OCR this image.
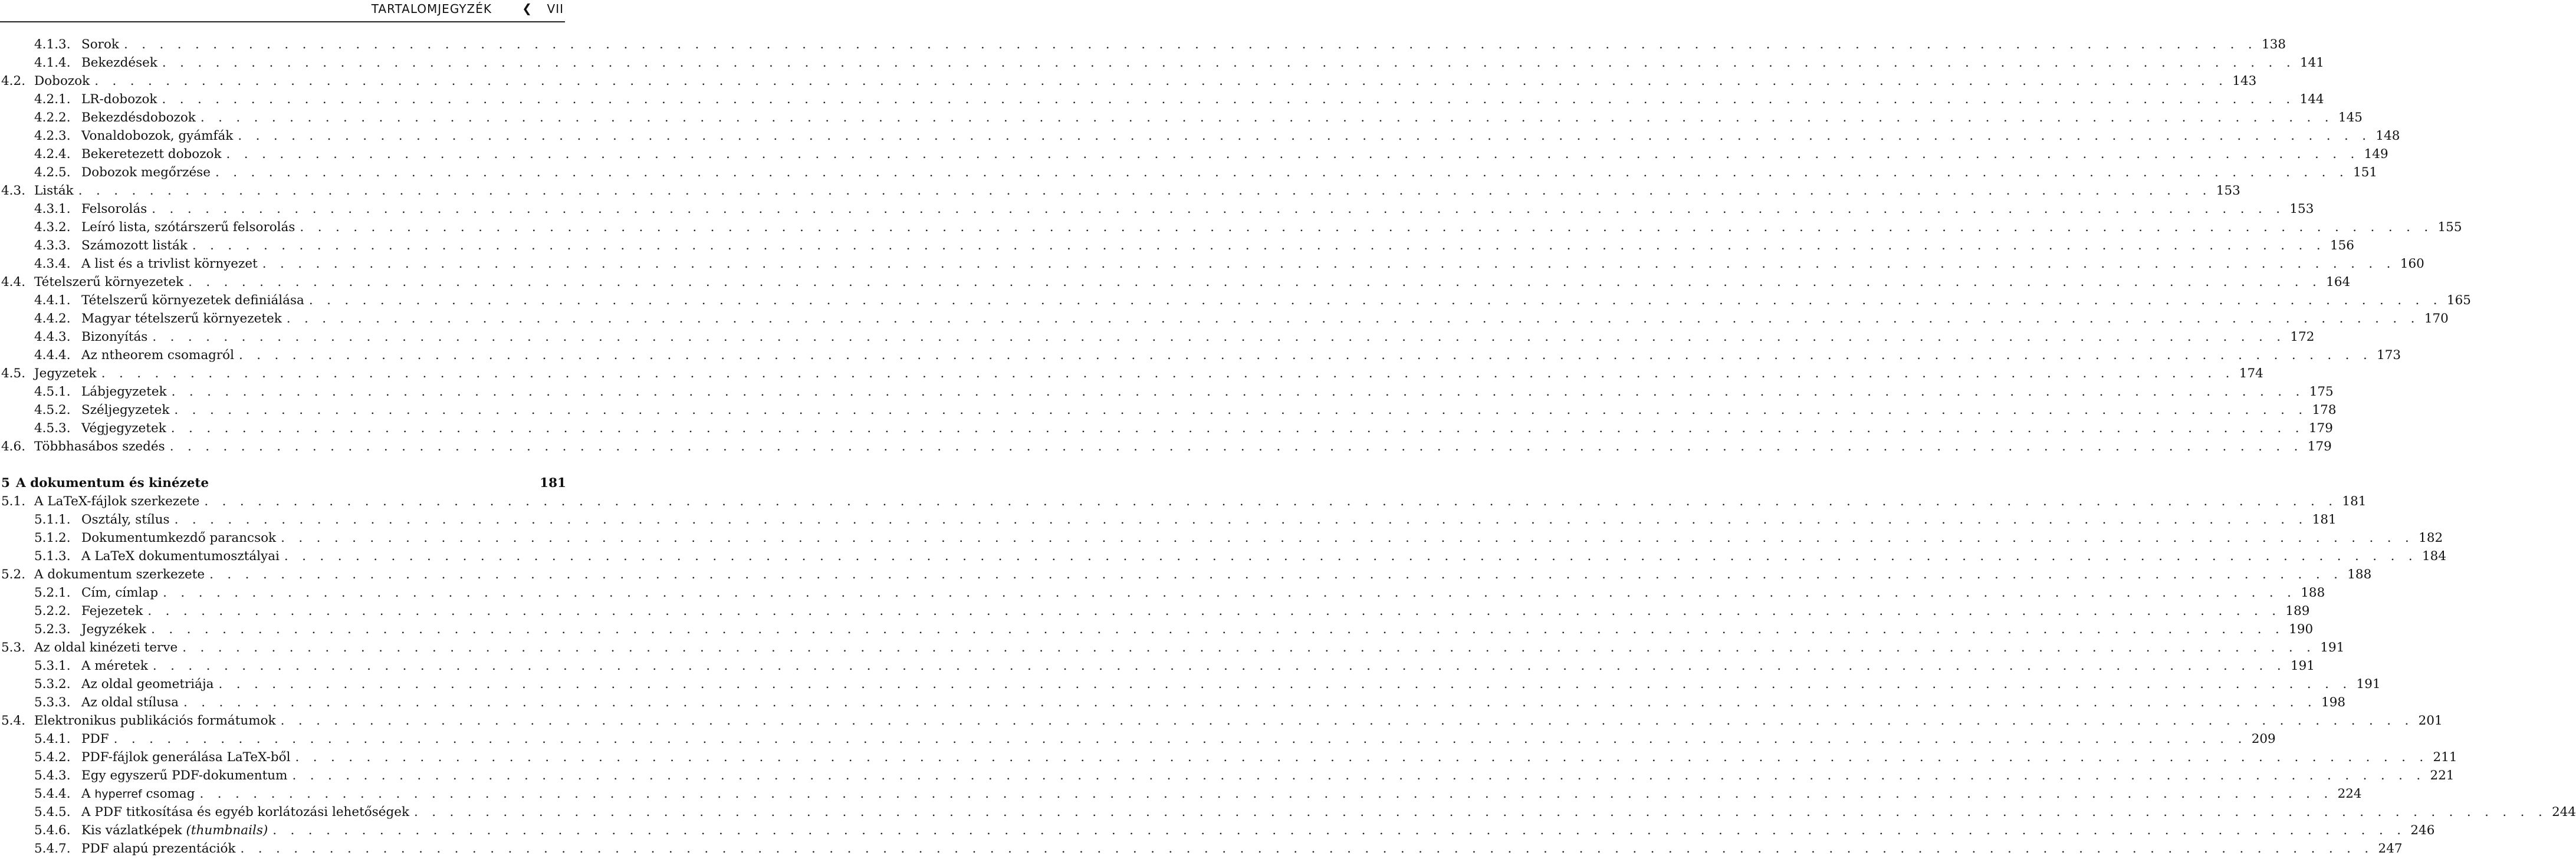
TARTALOMJEGYZÉK	❮ VII
4.1.3. Sorok . . . . . . . . . . . . . . . . . . . . . . . . . . . . . . . . . . . . . . . . . . . . . . . . . . . . . . . . . . . . . . . . . . . . . . . . . . . . . . . . . . . . . . . . . . . . . . . . . . . . . . . . . . . . . . . . . . . . . . . . 138
4.1.4. Bekezdések . . . . . . . . . . . . . . . . . . . . . . . . . . . . . . . . . . . . . . . . . . . . . . . . . . . . . . . . . . . . . . . . . . . . . . . . . . . . . . . . . . . . . . . . . . . . . . . . . . . . . . . . . . . . . . . . . . . . . . . . 141
4.2. Dobozok . . . . . . . . . . . . . . . . . . . . . . . . . . . . . . . . . . . . . . . . . . . . . . . . . . . . . . . . . . . . . . . . . . . . . . . . . . . . . . . . . . . . . . . . . . . . . . . . . . . . . . . . . . . . . . . . . . . . . . . . 143
4.2.1. LR-dobozok . . . . . . . . . . . . . . . . . . . . . . . . . . . . . . . . . . . . . . . . . . . . . . . . . . . . . . . . . . . . . . . . . . . . . . . . . . . . . . . . . . . . . . . . . . . . . . . . . . . . . . . . . . . . . . . . . . . . . . . . 144
4.2.2. Bekezdésdobozok . . . . . . . . . . . . . . . . . . . . . . . . . . . . . . . . . . . . . . . . . . . . . . . . . . . . . . . . . . . . . . . . . . . . . . . . . . . . . . . . . . . . . . . . . . . . . . . . . . . . . . . . . . . . . . . . . . . . . . . . 145
4.2.3. Vonaldobozok, gyámfák . . . . . . . . . . . . . . . . . . . . . . . . . . . . . . . . . . . . . . . . . . . . . . . . . . . . . . . . . . . . . . . . . . . . . . . . . . . . . . . . . . . . . . . . . . . . . . . . . . . . . . . . . . . . . . . . . . . . . . . . 148
4.2.4. Bekeretezett dobozok . . . . . . . . . . . . . . . . . . . . . . . . . . . . . . . . . . . . . . . . . . . . . . . . . . . . . . . . . . . . . . . . . . . . . . . . . . . . . . . . . . . . . . . . . . . . . . . . . . . . . . . . . . . . . . . . . . . . . . . . 149
4.2.5. Dobozok megőrzése . . . . . . . . . . . . . . . . . . . . . . . . . . . . . . . . . . . . . . . . . . . . . . . . . . . . . . . . . . . . . . . . . . . . . . . . . . . . . . . . . . . . . . . . . . . . . . . . . . . . . . . . . . . . . . . . . . . . . . . . 151
4.3. Listák . . . . . . . . . . . . . . . . . . . . . . . . . . . . . . . . . . . . . . . . . . . . . . . . . . . . . . . . . . . . . . . . . . . . . . . . . . . . . . . . . . . . . . . . . . . . . . . . . . . . . . . . . . . . . . . . . . . . . . . . 153
4.3.1. Felsorolás . . . . . . . . . . . . . . . . . . . . . . . . . . . . . . . . . . . . . . . . . . . . . . . . . . . . . . . . . . . . . . . . . . . . . . . . . . . . . . . . . . . . . . . . . . . . . . . . . . . . . . . . . . . . . . . . . . . . . . . . 153
4.3.2. Leíró lista, szótárszerű felsorolás . . . . . . . . . . . . . . . . . . . . . . . . . . . . . . . . . . . . . . . . . . . . . . . . . . . . . . . . . . . . . . . . . . . . . . . . . . . . . . . . . . . . . . . . . . . . . . . . . . . . . . . . . . . . . . . . . . . . . . . . 155
4.3.3. Számozott listák . . . . . . . . . . . . . . . . . . . . . . . . . . . . . . . . . . . . . . . . . . . . . . . . . . . . . . . . . . . . . . . . . . . . . . . . . . . . . . . . . . . . . . . . . . . . . . . . . . . . . . . . . . . . . . . . . . . . . . . . 156
4.3.4. A list és a trivlist környezet . . . . . . . . . . . . . . . . . . . . . . . . . . . . . . . . . . . . . . . . . . . . . . . . . . . . . . . . . . . . . . . . . . . . . . . . . . . . . . . . . . . . . . . . . . . . . . . . . . . . . . . . . . . . . . . . . . . . . . . . 160
4.4. Tételszerű környezetek . . . . . . . . . . . . . . . . . . . . . . . . . . . . . . . . . . . . . . . . . . . . . . . . . . . . . . . . . . . . . . . . . . . . . . . . . . . . . . . . . . . . . . . . . . . . . . . . . . . . . . . . . . . . . . . . . . . . . . . . 164
4.4.1. Tételszerű környezetek definiálása . . . . . . . . . . . . . . . . . . . . . . . . . . . . . . . . . . . . . . . . . . . . . . . . . . . . . . . . . . . . . . . . . . . . . . . . . . . . . . . . . . . . . . . . . . . . . . . . . . . . . . . . . . . . . . . . . . . . . . . . 165
4.4.2. Magyar tételszerű környezetek . . . . . . . . . . . . . . . . . . . . . . . . . . . . . . . . . . . . . . . . . . . . . . . . . . . . . . . . . . . . . . . . . . . . . . . . . . . . . . . . . . . . . . . . . . . . . . . . . . . . . . . . . . . . . . . . . . . . . . . . 170
4.4.3. Bizonyítás . . . . . . . . . . . . . . . . . . . . . . . . . . . . . . . . . . . . . . . . . . . . . . . . . . . . . . . . . . . . . . . . . . . . . . . . . . . . . . . . . . . . . . . . . . . . . . . . . . . . . . . . . . . . . . . . . . . . . . . . 172
4.4.4. Az ntheorem csomagról . . . . . . . . . . . . . . . . . . . . . . . . . . . . . . . . . . . . . . . . . . . . . . . . . . . . . . . . . . . . . . . . . . . . . . . . . . . . . . . . . . . . . . . . . . . . . . . . . . . . . . . . . . . . . . . . . . . . . . . . 173
4.5. Jegyzetek . . . . . . . . . . . . . . . . . . . . . . . . . . . . . . . . . . . . . . . . . . . . . . . . . . . . . . . . . . . . . . . . . . . . . . . . . . . . . . . . . . . . . . . . . . . . . . . . . . . . . . . . . . . . . . . . . . . . . . . . 174
4.5.1. Lábjegyzetek . . . . . . . . . . . . . . . . . . . . . . . . . . . . . . . . . . . . . . . . . . . . . . . . . . . . . . . . . . . . . . . . . . . . . . . . . . . . . . . . . . . . . . . . . . . . . . . . . . . . . . . . . . . . . . . . . . . . . . . . 175
4.5.2. Széljegyzetek . . . . . . . . . . . . . . . . . . . . . . . . . . . . . . . . . . . . . . . . . . . . . . . . . . . . . . . . . . . . . . . . . . . . . . . . . . . . . . . . . . . . . . . . . . . . . . . . . . . . . . . . . . . . . . . . . . . . . . . . 178
4.5.3. Végjegyzetek . . . . . . . . . . . . . . . . . . . . . . . . . . . . . . . . . . . . . . . . . . . . . . . . . . . . . . . . . . . . . . . . . . . . . . . . . . . . . . . . . . . . . . . . . . . . . . . . . . . . . . . . . . . . . . . . . . . . . . . . 179
4.6. Többhasábos szedés . . . . . . . . . . . . . . . . . . . . . . . . . . . . . . . . . . . . . . . . . . . . . . . . . . . . . . . . . . . . . . . . . . . . . . . . . . . . . . . . . . . . . . . . . . . . . . . . . . . . . . . . . . . . . . . . . . . . . . . . 179
5 A dokumentum és kinézete	181
5.1. A LaTeX-fájlok szerkezete . . . . . . . . . . . . . . . . . . . . . . . . . . . . . . . . . . . . . . . . . . . . . . . . . . . . . . . . . . . . . . . . . . . . . . . . . . . . . . . . . . . . . . . . . . . . . . . . . . . . . . . . . . . . . . . . . . . . . . . . 181
5.1.1. Osztály, stílus . . . . . . . . . . . . . . . . . . . . . . . . . . . . . . . . . . . . . . . . . . . . . . . . . . . . . . . . . . . . . . . . . . . . . . . . . . . . . . . . . . . . . . . . . . . . . . . . . . . . . . . . . . . . . . . . . . . . . . . . 181
5.1.2. Dokumentumkezdő parancsok . . . . . . . . . . . . . . . . . . . . . . . . . . . . . . . . . . . . . . . . . . . . . . . . . . . . . . . . . . . . . . . . . . . . . . . . . . . . . . . . . . . . . . . . . . . . . . . . . . . . . . . . . . . . . . . . . . . . . . . . 182
5.1.3. A LaTeX dokumentumosztályai . . . . . . . . . . . . . . . . . . . . . . . . . . . . . . . . . . . . . . . . . . . . . . . . . . . . . . . . . . . . . . . . . . . . . . . . . . . . . . . . . . . . . . . . . . . . . . . . . . . . . . . . . . . . . . . . . . . . . . . . 184
5.2. A dokumentum szerkezete . . . . . . . . . . . . . . . . . . . . . . . . . . . . . . . . . . . . . . . . . . . . . . . . . . . . . . . . . . . . . . . . . . . . . . . . . . . . . . . . . . . . . . . . . . . . . . . . . . . . . . . . . . . . . . . . . . . . . . . . 188
5.2.1. Cím, címlap . . . . . . . . . . . . . . . . . . . . . . . . . . . . . . . . . . . . . . . . . . . . . . . . . . . . . . . . . . . . . . . . . . . . . . . . . . . . . . . . . . . . . . . . . . . . . . . . . . . . . . . . . . . . . . . . . . . . . . . . 188
5.2.2. Fejezetek . . . . . . . . . . . . . . . . . . . . . . . . . . . . . . . . . . . . . . . . . . . . . . . . . . . . . . . . . . . . . . . . . . . . . . . . . . . . . . . . . . . . . . . . . . . . . . . . . . . . . . . . . . . . . . . . . . . . . . . . 189
5.2.3. Jegyzékek . . . . . . . . . . . . . . . . . . . . . . . . . . . . . . . . . . . . . . . . . . . . . . . . . . . . . . . . . . . . . . . . . . . . . . . . . . . . . . . . . . . . . . . . . . . . . . . . . . . . . . . . . . . . . . . . . . . . . . . . 190
5.3. Az oldal kinézeti terve . . . . . . . . . . . . . . . . . . . . . . . . . . . . . . . . . . . . . . . . . . . . . . . . . . . . . . . . . . . . . . . . . . . . . . . . . . . . . . . . . . . . . . . . . . . . . . . . . . . . . . . . . . . . . . . . . . . . . . . . 191
5.3.1. A méretek . . . . . . . . . . . . . . . . . . . . . . . . . . . . . . . . . . . . . . . . . . . . . . . . . . . . . . . . . . . . . . . . . . . . . . . . . . . . . . . . . . . . . . . . . . . . . . . . . . . . . . . . . . . . . . . . . . . . . . . . 191
5.3.2. Az oldal geometriája . . . . . . . . . . . . . . . . . . . . . . . . . . . . . . . . . . . . . . . . . . . . . . . . . . . . . . . . . . . . . . . . . . . . . . . . . . . . . . . . . . . . . . . . . . . . . . . . . . . . . . . . . . . . . . . . . . . . . . . . 191
5.3.3. Az oldal stílusa . . . . . . . . . . . . . . . . . . . . . . . . . . . . . . . . . . . . . . . . . . . . . . . . . . . . . . . . . . . . . . . . . . . . . . . . . . . . . . . . . . . . . . . . . . . . . . . . . . . . . . . . . . . . . . . . . . . . . . . . 198
5.4. Elektronikus publikációs formátumok . . . . . . . . . . . . . . . . . . . . . . . . . . . . . . . . . . . . . . . . . . . . . . . . . . . . . . . . . . . . . . . . . . . . . . . . . . . . . . . . . . . . . . . . . . . . . . . . . . . . . . . . . . . . . . . . . . . . . . . . 201
5.4.1. PDF . . . . . . . . . . . . . . . . . . . . . . . . . . . . . . . . . . . . . . . . . . . . . . . . . . . . . . . . . . . . . . . . . . . . . . . . . . . . . . . . . . . . . . . . . . . . . . . . . . . . . . . . . . . . . . . . . . . . . . . . 209
5.4.2. PDF-fájlok generálása LaTeX-ből . . . . . . . . . . . . . . . . . . . . . . . . . . . . . . . . . . . . . . . . . . . . . . . . . . . . . . . . . . . . . . . . . . . . . . . . . . . . . . . . . . . . . . . . . . . . . . . . . . . . . . . . . . . . . . . . . . . . . . . . 211
5.4.3. Egy egyszerű PDF-dokumentum . . . . . . . . . . . . . . . . . . . . . . . . . . . . . . . . . . . . . . . . . . . . . . . . . . . . . . . . . . . . . . . . . . . . . . . . . . . . . . . . . . . . . . . . . . . . . . . . . . . . . . . . . . . . . . . . . . . . . . . . 221
5.4.4. A hyperref csomag . . . . . . . . . . . . . . . . . . . . . . . . . . . . . . . . . . . . . . . . . . . . . . . . . . . . . . . . . . . . . . . . . . . . . . . . . . . . . . . . . . . . . . . . . . . . . . . . . . . . . . . . . . . . . . . . . . . . . . . . 224
5.4.5. A PDF titkosítása és egyéb korlátozási lehetőségek . . . . . . . . . . . . . . . . . . . . . . . . . . . . . . . . . . . . . . . . . . . . . . . . . . . . . . . . . . . . . . . . . . . . . . . . . . . . . . . . . . . . . . . . . . . . . . . . . . . . . . . . . . . . . . . . . . . . . . . . 244
5.4.6. Kis vázlatképek (thumbnails) . . . . . . . . . . . . . . . . . . . . . . . . . . . . . . . . . . . . . . . . . . . . . . . . . . . . . . . . . . . . . . . . . . . . . . . . . . . . . . . . . . . . . . . . . . . . . . . . . . . . . . . . . . . . . . . . . . . . . . . . 246
5.4.7. PDF alapú prezentációk . . . . . . . . . . . . . . . . . . . . . . . . . . . . . . . . . . . . . . . . . . . . . . . . . . . . . . . . . . . . . . . . . . . . . . . . . . . . . . . . . . . . . . . . . . . . . . . . . . . . . . . . . . . . . . . . . . . . . . . . 247
